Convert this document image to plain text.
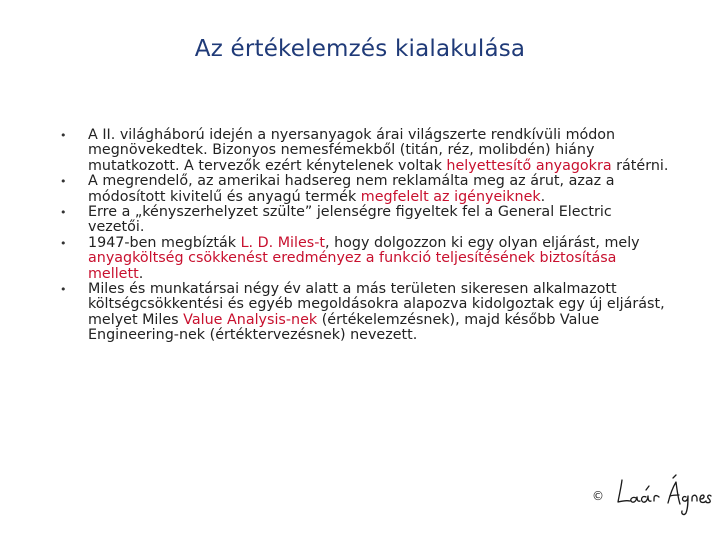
Az értékelemzés kialakulása
• A II. világháború idején a nyersanyagok árai világszerte rendkívüli módon megnövekedtek. Bizonyos nemesfémekből (titán, réz, molibdén) hiány mutatkozott. A tervezők ezért kénytelenek voltak helyettesítő anyagokra rátérni.
• A megrendelő, az amerikai hadsereg nem reklamálta meg az árut, azaz a módosított kivitelű és anyagú termék megfelelt az igényeiknek.
• Erre a „kényszerhelyzet szülte” jelenségre figyeltek fel a General Electric vezetői.
• 1947-ben megbízták L. D. Miles-t, hogy dolgozzon ki egy olyan eljárást, mely anyagköltség csökkenést eredményez a funkció teljesítésének biztosítása mellett.
• Miles és munkatársai négy év alatt a más területen sikeresen alkalmazott költségcsökkentési és egyéb megoldásokra alapozva kidolgoztak egy új eljárást, melyet Miles Value Analysis-nek (értékelemzésnek), majd később Value Engineering-nek (értéktervezésnek) nevezett.
©
